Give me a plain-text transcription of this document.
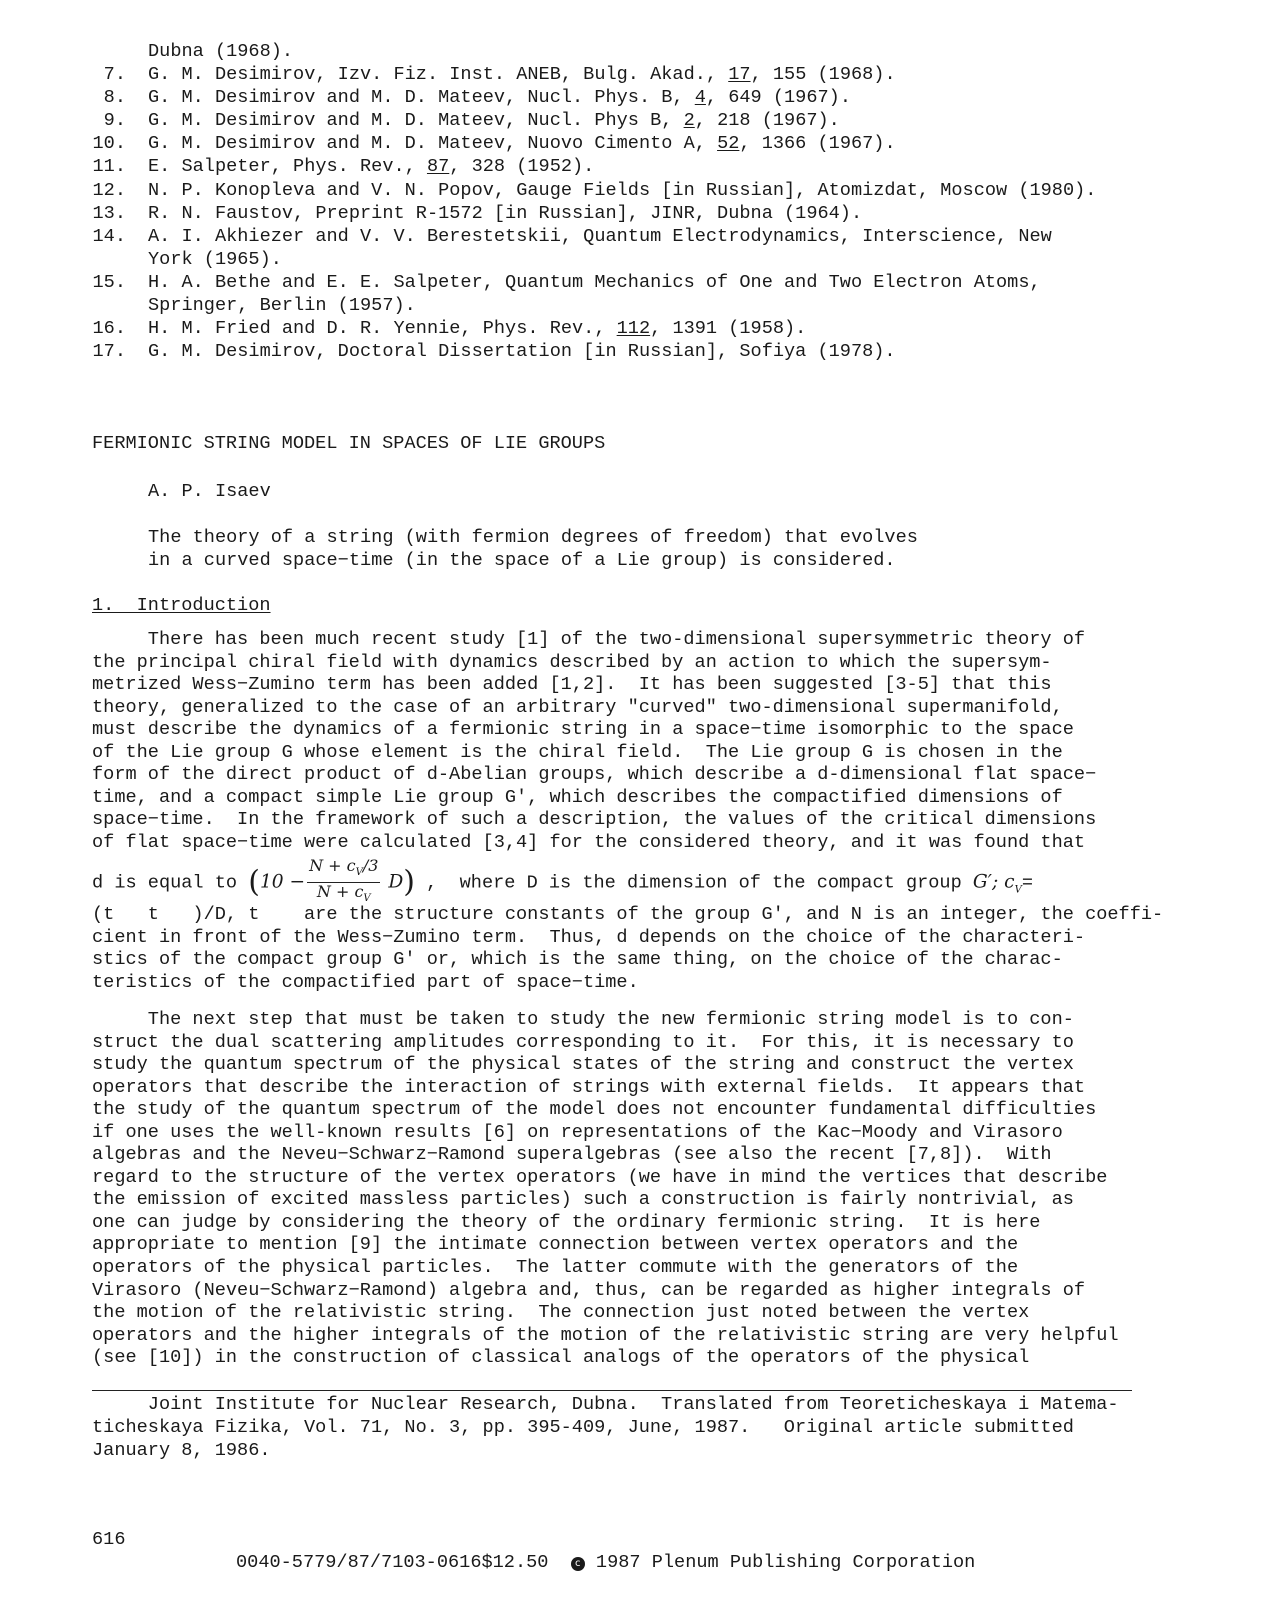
Dubna (1968).
7. G. M. Desimirov, Izv. Fiz. Inst. ANEB, Bulg. Akad., 17, 155 (1968).
8. G. M. Desimirov and M. D. Mateev, Nucl. Phys. B, 4, 649 (1967).
9. G. M. Desimirov and M. D. Mateev, Nucl. Phys B, 2, 218 (1967).
10. G. M. Desimirov and M. D. Mateev, Nuovo Cimento A, 52, 1366 (1967).
11. E. Salpeter, Phys. Rev., 87, 328 (1952).
12. N. P. Konopleva and V. N. Popov, Gauge Fields [in Russian], Atomizdat, Moscow (1980).
13. R. N. Faustov, Preprint R-1572 [in Russian], JINR, Dubna (1964).
14. A. I. Akhiezer and V. V. Berestetskii, Quantum Electrodynamics, Interscience, New
York (1965).
15. H. A. Bethe and E. E. Salpeter, Quantum Mechanics of One and Two Electron Atoms,
Springer, Berlin (1957).
16. H. M. Fried and D. R. Yennie, Phys. Rev., 112, 1391 (1958).
17. G. M. Desimirov, Doctoral Dissertation [in Russian], Sofiya (1978).
FERMIONIC STRING MODEL IN SPACES OF LIE GROUPS
A. P. Isaev
The theory of a string (with fermion degrees of freedom) that evolves
in a curved space−time (in the space of a Lie group) is considered.
1.  Introduction
There has been much recent study [1] of the two-dimensional supersymmetric theory of
the principal chiral field with dynamics described by an action to which the supersym-
metrized Wess−Zumino term has been added [1,2].  It has been suggested [3-5] that this
theory, generalized to the case of an arbitrary "curved" two-dimensional supermanifold,
must describe the dynamics of a fermionic string in a space−time isomorphic to the space
of the Lie group G whose element is the chiral field.  The Lie group G is chosen in the
form of the direct product of d-Abelian groups, which describe a d-dimensional flat space−
time, and a compact simple Lie group G′, which describes the compactified dimensions of
space−time.  In the framework of such a description, the values of the critical dimensions
of flat space−time were calculated [3,4] for the considered theory, and it was found that
d is equal to $(10 - \frac{N + c_V/3}{N + c_V} D)$ ,  where D is the dimension of the compact group G′; $c_V=$
(t   t   )/D, t    are the structure constants of the group G′, and N is an integer, the coeffi-
cient in front of the Wess−Zumino term.  Thus, d depends on the choice of the characteri-
stics of the compact group G′ or, which is the same thing, on the choice of the charac-
teristics of the compactified part of space−time.
The next step that must be taken to study the new fermionic string model is to con-
struct the dual scattering amplitudes corresponding to it.  For this, it is necessary to
study the quantum spectrum of the physical states of the string and construct the vertex
operators that describe the interaction of strings with external fields.  It appears that
the study of the quantum spectrum of the model does not encounter fundamental difficulties
if one uses the well-known results [6] on representations of the Kac−Moody and Virasoro
algebras and the Neveu−Schwarz−Ramond superalgebras (see also the recent [7,8]).  With
regard to the structure of the vertex operators (we have in mind the vertices that describe
the emission of excited massless particles) such a construction is fairly nontrivial, as
one can judge by considering the theory of the ordinary fermionic string.  It is here
appropriate to mention [9] the intimate connection between vertex operators and the
operators of the physical particles.  The latter commute with the generators of the
Virasoro (Neveu−Schwarz−Ramond) algebra and, thus, can be regarded as higher integrals of
the motion of the relativistic string.  The connection just noted between the vertex
operators and the higher integrals of the motion of the relativistic string are very helpful
(see [10]) in the construction of classical analogs of the operators of the physical
Joint Institute for Nuclear Research, Dubna.  Translated from Teoreticheskaya i Matema-
ticheskaya Fizika, Vol. 71, No. 3, pp. 395-409, June, 1987.   Original article submitted
January 8, 1986.

616

0040-5779/87/7103-0616$12.50	c 1987 Plenum Publishing Corporation
